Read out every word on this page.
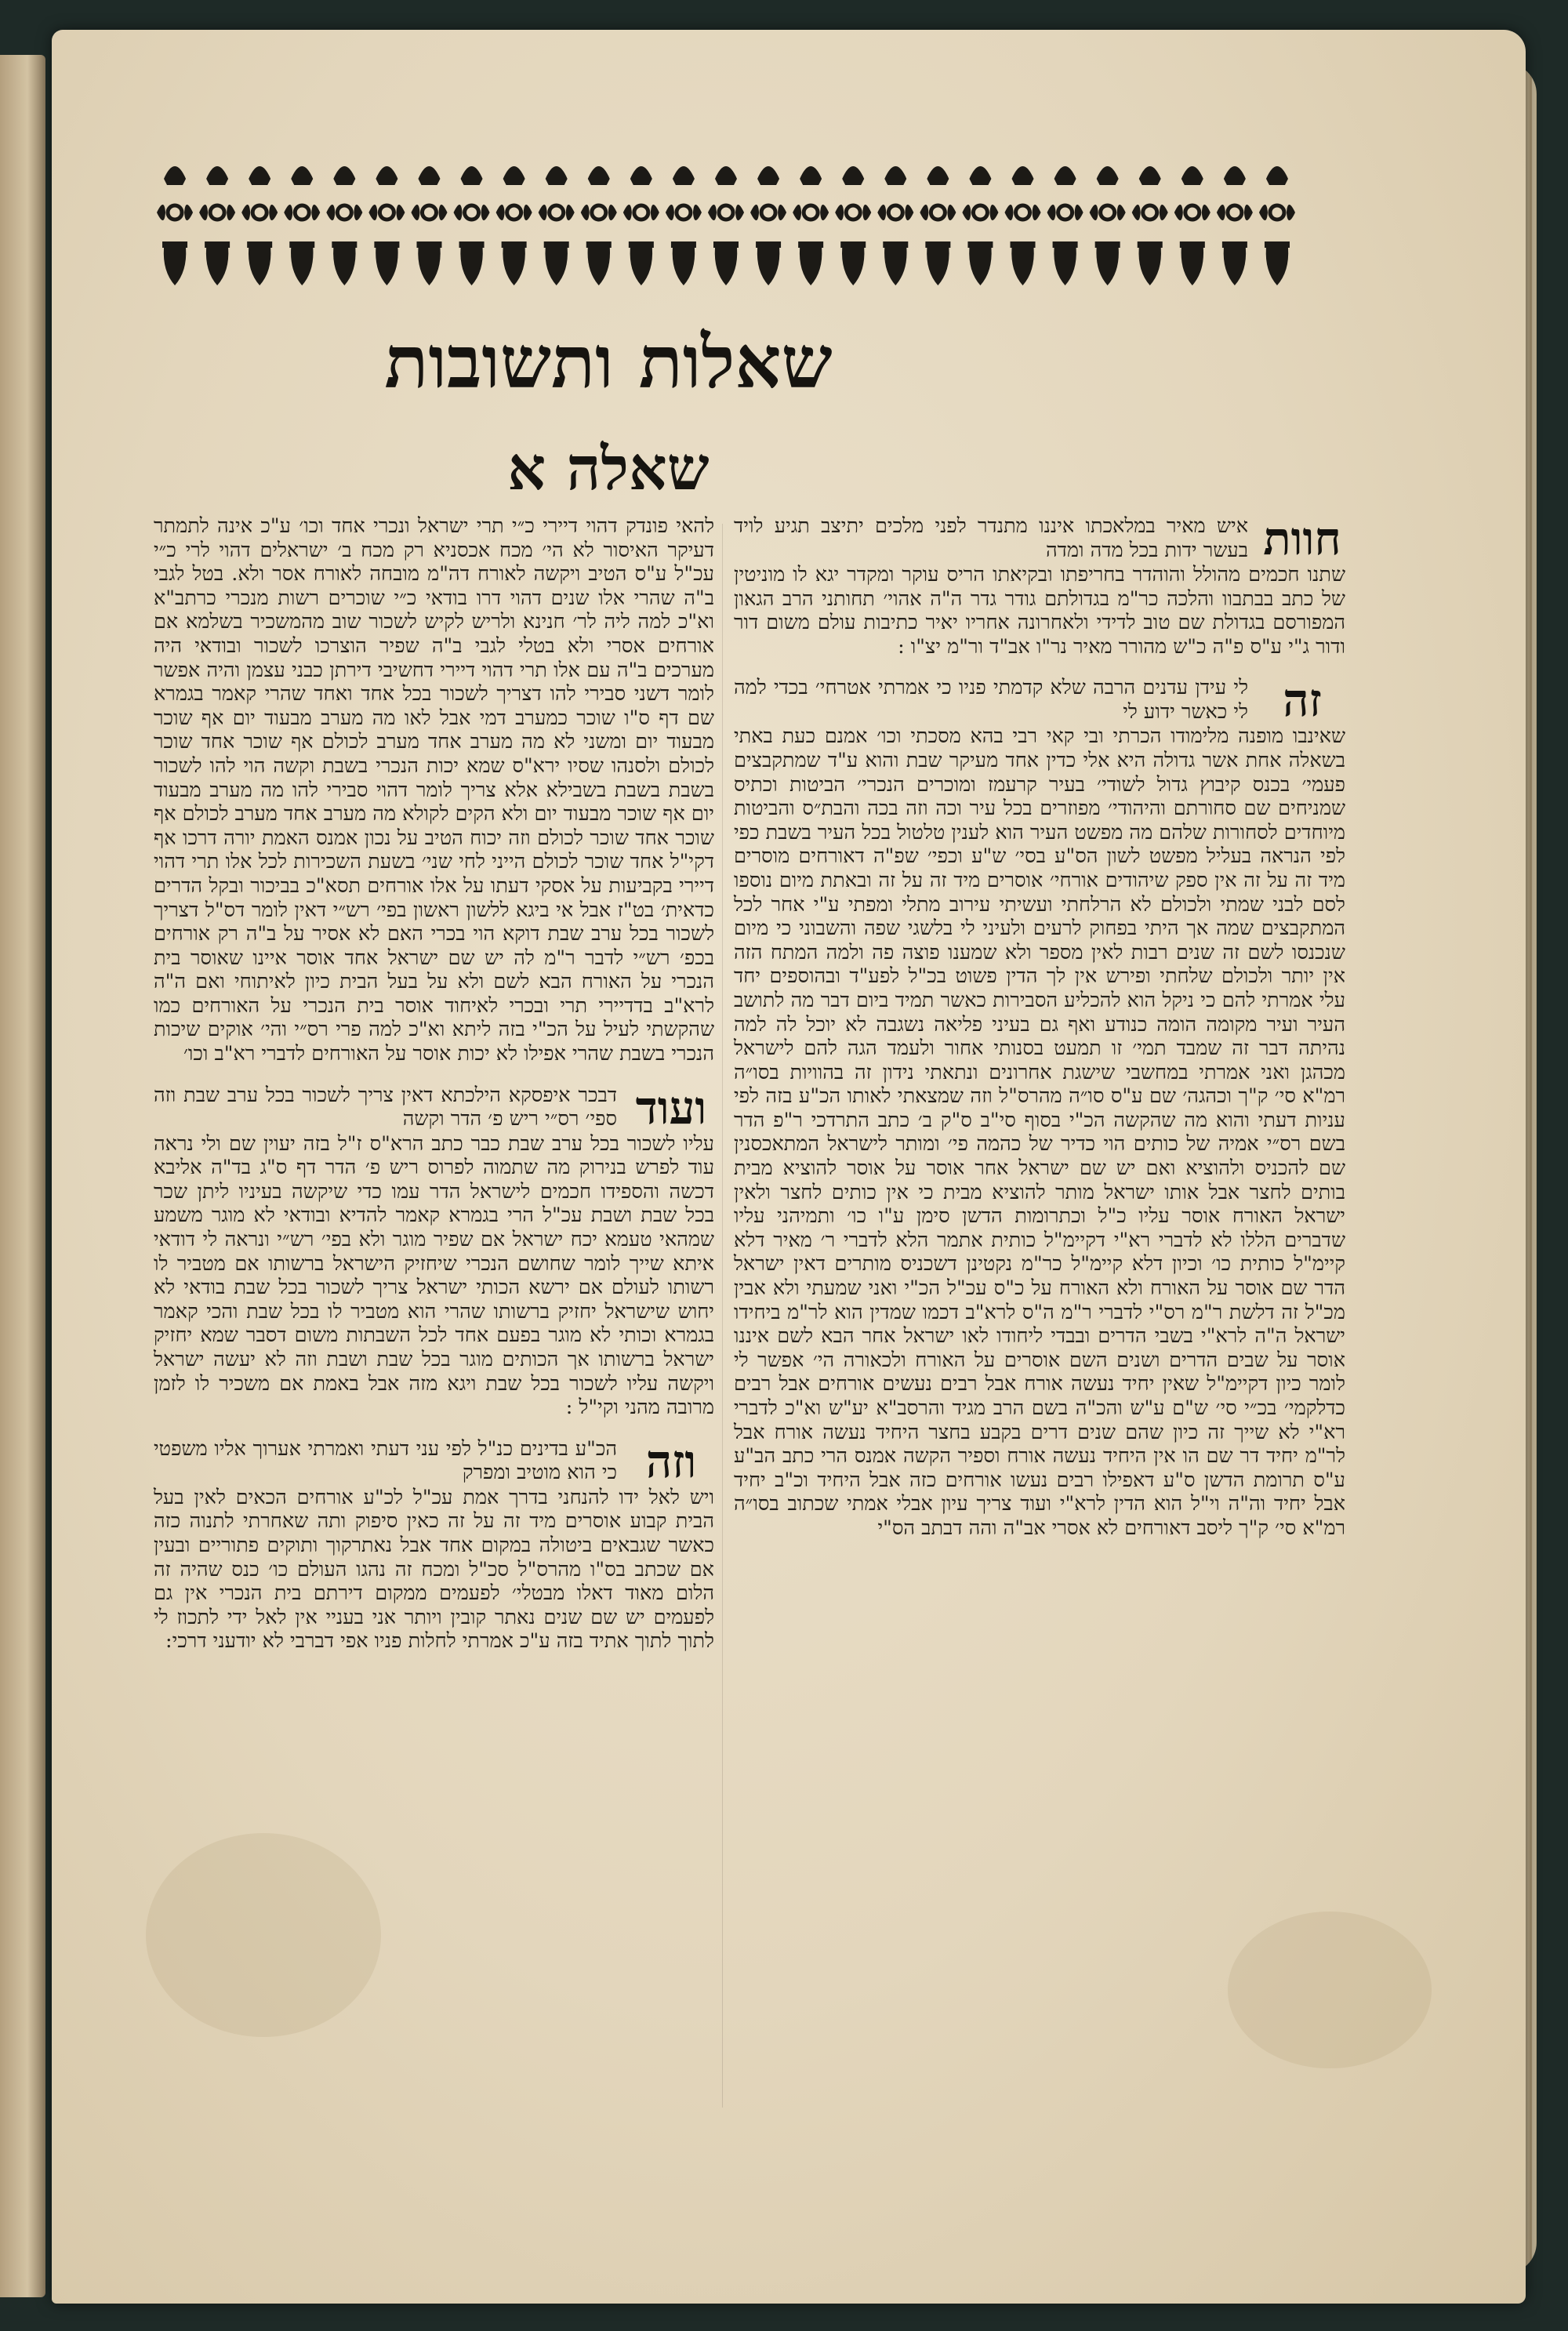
שאלות ותשובות
שאלה א
חוות
איש מאיר במלאכתו איננו מתנדר לפני מלכים יתיצב תגיע לויד בעשר ידות בכל מדה ומדה
שתנו חכמים מהולל והוהדר בחריפתו ובקיאתו הריס עוקר ומקדר יגא לו מוניטין של כתב בבתבוו והלכה כר"מ בגדולתם גודר גדר ה"ה אהוי׳ תחותני הרב הגאון המפורסם בגדולת שם טוב לדידי ולאחרונה אחריו יאיר כתיבות עולם משום דור ודור ג"י ע"ס פ"ה כ"ש מהורר מאיר נר"ו אב"ד ור"מ יצ"ו :
זה
לי עידן עדנים הרבה שלא קדמתי פניו כי אמרתי אטרחי׳ בכדי למה לי כאשר ידוע לי
שאינבו מופנה מלימודו הכרתי ובי קאי רבי בהא מסכתי וכו׳ אמנם כעת באתי בשאלה אחת אשר גדולה היא אלי כדין אחד מעיקר שבת והוא ע"ד שמתקבצים פעמי׳ בכנס קיבוץ גדול לשודי׳ בעיר קרעמז ומוכרים הנכרי׳ הביטות וכתיס שמניחים שם סחורתם והיהודי׳ מפוזרים בכל עיר וכה וזה בכה והבת״ס והביטות מיוחדים לסחורות שלהם מה מפשט העיר הוא לענין טלטול בכל העיר בשבת כפי לפי הנראה בעליל מפשט לשון הס"ע בסי׳ ש"ע וכפי׳ שפ"ה דאורחים מוסרים מיד זה על זה אין ספק שיהודים אורחי׳ אוסרים מיד זה על זה ובאתת מיום נוספו לסם לבני שמתי ולכולם לא הרלחתי ועשיתי עירוב מתלי ומפתי ע"י אחר לכל המתקבצים שמה אך היתי בפחוק לרעים ולעיני לי בלשגי שפה והשבוני כי מיום שנכנסו לשם זה שנים רבות לאין מספר ולא שמענו פוצה פה ולמה המתח הזה אין יותר ולכולם שלחתי ופירש אין לך הדין פשוט בכ"ל לפע"ד ובהוספים יחד עלי אמרתי להם כי ניקל הוא להכליע הסבירות כאשר תמיד ביום דבר מה לתושב העיר ועיר מקומה הומה כנודע ואף גם בעיני פליאה נשגבה לא יוכל לה למה נהיתה דבר זה שמבד תמי׳ זו תמעט בסנותי אחור ולעמד הגה להם לישראל מכהגן ואני אמרתי במחשבי שישגת אחרונים ונתאתי נידון זה בהוויות בסו״ה רמ"א סי׳ ק"ך וכהגה׳ שם ע"ס סו״ה מהרס"ל וזה שמצאתי לאותו הכ"ע בזה לפי עניות דעתי והוא מה שהקשה הכ"י בסוף סי"ב ס"ק ב׳ כתב התרדכי ר"פ הדר בשם רס״י אמיה של כותים הוי כדיר של כהמה פי׳ ומותר לישראל המתאכסנין שם להכניס ולהוציא ואם יש שם ישראל אחר אוסר על אוסר להוציא מבית בותים לחצר אבל אותו ישראל מותר להוציא מבית כי אין כותים לחצר ולאין ישראל האורח אוסר עליו כ"ל וכתרומות הדשן סימן ע"ו כו׳ ותמיהני עליו שדברים הללו לא לדברי רא"י דקיימ"ל כותית אתמר הלא לדברי ר׳ מאיר דלא קיימ"ל כותית כו׳ וכיון דלא קיימ"ל כר"מ נקטינן דשכניס מותרים דאין ישראל הדר שם אוסר על האורח ולא האורח על כ"ס עכ"ל הכ"י ואני שמעתי ולא אבין מכ"ל זה דלשת ר"מ רס"י לדברי ר"מ ה"ס לרא"ב דכמו שמדין הוא לר"מ ביחידו ישראל ה"ה לרא"י בשבי הדרים ובבדי ליחודו לאו ישראל אחר הבא לשם איננו אוסר על שבים הדרים ושנים השם אוסרים על האורח ולכאורה הי׳ אפשר לי לומר כיון דקיימ"ל שאין יחיד נעשה אורח אבל רבים נעשים אורחים אבל רבים כדלקמי׳ בכ״י סי׳ ש"ם ע"ש והכ"ה בשם הרב מגיד והרסב"א יע"ש וא"כ לדברי רא"י לא שייך זה כיון שהם שנים דרים בקבע בחצר היחיד נעשה אורח אבל לר"מ יחיד דר שם הו אין היחיד נעשה אורח וספיר הקשה אמנס הרי כתב הב"ע ע"ס תרומת הדשן ס"ע דאפילו רבים נעשו אורחים כזה אבל היחיד וכ"ב יחיד אבל יחיד וה"ה וי"ל הוא הדין לרא"י ועוד צריך עיון אבלי אמתי שכתוב בסו״ה רמ"א סי׳ ק"ך ליסב דאורחים לא אסרי אב"ה והה דבתב הס"י
להאי פונדק דהוי דיירי כ״י תרי ישראל ונכרי אחד וכו׳ ע"כ אינה לתמתר דעיקר האיסור לא הי׳ מכח אכסניא רק מכח ב׳ ישראלים דהוי לרי כ״י עכ"ל ע"ס הטיב ויקשה לאורח דה"מ מובחה לאורח אסר ולא. בטל לגבי ב"ה שהרי אלו שנים דהוי דרו בודאי כ״י שוכרים רשות מנכרי כרתב"א וא"כ למה ליה לר׳ חנינא ולריש לקיש לשכור שוב מהמשכיר בשלמא אם אורחים אסרי ולא בטלי לגבי ב"ה שפיר הוצרכו לשכור ובודאי היה מערכים ב"ה עם אלו תרי דהוי דיירי דחשיבי דירתן כבני עצמן והיה אפשר לומר דשני סבירי להו דצריך לשכור בכל אחד ואחד שהרי קאמר בגמרא שם דף ס"ו שוכר כמערב דמי אבל לאו מה מערב מבעוד יום אף שוכר מבעוד יום ומשני לא מה מערב אחד מערב לכולם אף שוכר אחד שוכר לכולם ולסנהו שסיו ירא"ס שמא יכות הנכרי בשבת וקשה הוי להו לשכור בשבת בשבת בשבילא אלא צריך לומר דהוי סבירי להו מה מערב מבעוד יום אף שוכר מבעוד יום ולא הקים לקולא מה מערב אחד מערב לכולם אף שוכר אחד שוכר לכולם וזה יכוח הטיב על נכון אמנס האמת יורה דרכו אף דקי"ל אחד שוכר לכולם הייני לחי שני׳ בשעת השכירות לכל אלו תרי דהוי דיירי בקביעות על אסקי דעתו על אלו אורחים תסא"כ בביכור ובקל הדרים כדאית׳ בט"ז אבל אי ביגא ללשון ראשון בפי׳ רש״י דאין לומר דס"ל דצריך לשכור בכל ערב שבת דוקא הוי בכרי האם לא אסיר על ב"ה רק אורחים בכפ׳ רש״י לדבר ר"מ לה יש שם ישראל אחד אוסר איינו שאוסר בית הנכרי על האורח הבא לשם ולא על בעל הבית כיון לאיתוחי ואם ה"ה לרא"ב בדדיירי תרי ובכרי לאיחוד אוסר בית הנכרי על האורחים כמו שהקשתי לעיל על הכ"י בזה ליתא וא"כ למה פרי רס״י והי׳ אוקים שיכות הנכרי בשבת שהרי אפילו לא יכות אוסר על האורחים לדברי רא"ב וכו׳
ועוד
דבכר איפסקא הילכתא דאין צריך לשכור בכל ערב שבת וזה ספי׳ רס״י ריש פ׳ הדר וקשה
עליו לשכור בכל ערב שבת כבר כתב הרא"ס ז"ל בזה יעוין שם ולי נראה עוד לפרש בנירוק מה שתמוה לפרוס ריש פ׳ הדר דף ס"ג בד"ה אליבא דכשה והספידו חכמים לישראל הדר עמו כדי שיקשה בעיניו ליתן שכר בכל שבת ושבת עכ"ל הרי בגמרא קאמר להדיא ובודאי לא מוגר משמע שמהאי טעמא יכח ישראל אם שפיר מוגר ולא בפי׳ רש״י ונראה לי דודאי איתא שייך לומר שחושם הנכרי שיחזיק הישראל ברשותו אם מטביר לו רשותו לעולם אם ירשא הכותי ישראל צריך לשכור בכל שבת בודאי לא יחוש שישראל יחזיק ברשותו שהרי הוא מטביר לו בכל שבת והכי קאמר בגמרא וכותי לא מוגר בפעם אחד לכל השבתות משום דסבר שמא יחזיק ישראל ברשותו אך הכותים מוגר בכל שבת ושבת וזה לא יעשה ישראל ויקשה עליו לשכור בכל שבת ויגא מזה אבל באמת אם משכיר לו לזמן מרובה מהני וקי"ל :
וזה
הכ"ע בדינים כנ"ל לפי עני דעתי ואמרתי אערוך אליו משפטי כי הוא מוטיב ומפרק
ויש לאל ידו להנחני בדרך אמת עכ"ל לכ"ע אורחים הכאים לאין בעל הבית קבוע אוסרים מיד זה על זה כאין סיפוק ותה שאחרתי לתנוה כזה כאשר שגבאים ביטולה במקום אחד אבל נאתרקוך ותוקים פתוריים ובעין אם שכתב בס"ו מהרס"ל סכ"ל ומכח זה נהגו העולם כו׳ כנס שהיה זה הלום מאוד דאלו מבטלי׳ לפעמים ממקום דירתם בית הנכרי אין גם לפעמים יש שם שנים נאתר קובין ויותר אני בעניי אין לאל ידי לתכוז לי לתוך לתוך אתיד בזה ע"כ אמרתי לחלות פניו אפי דברבי לא יודעני דרכי:
